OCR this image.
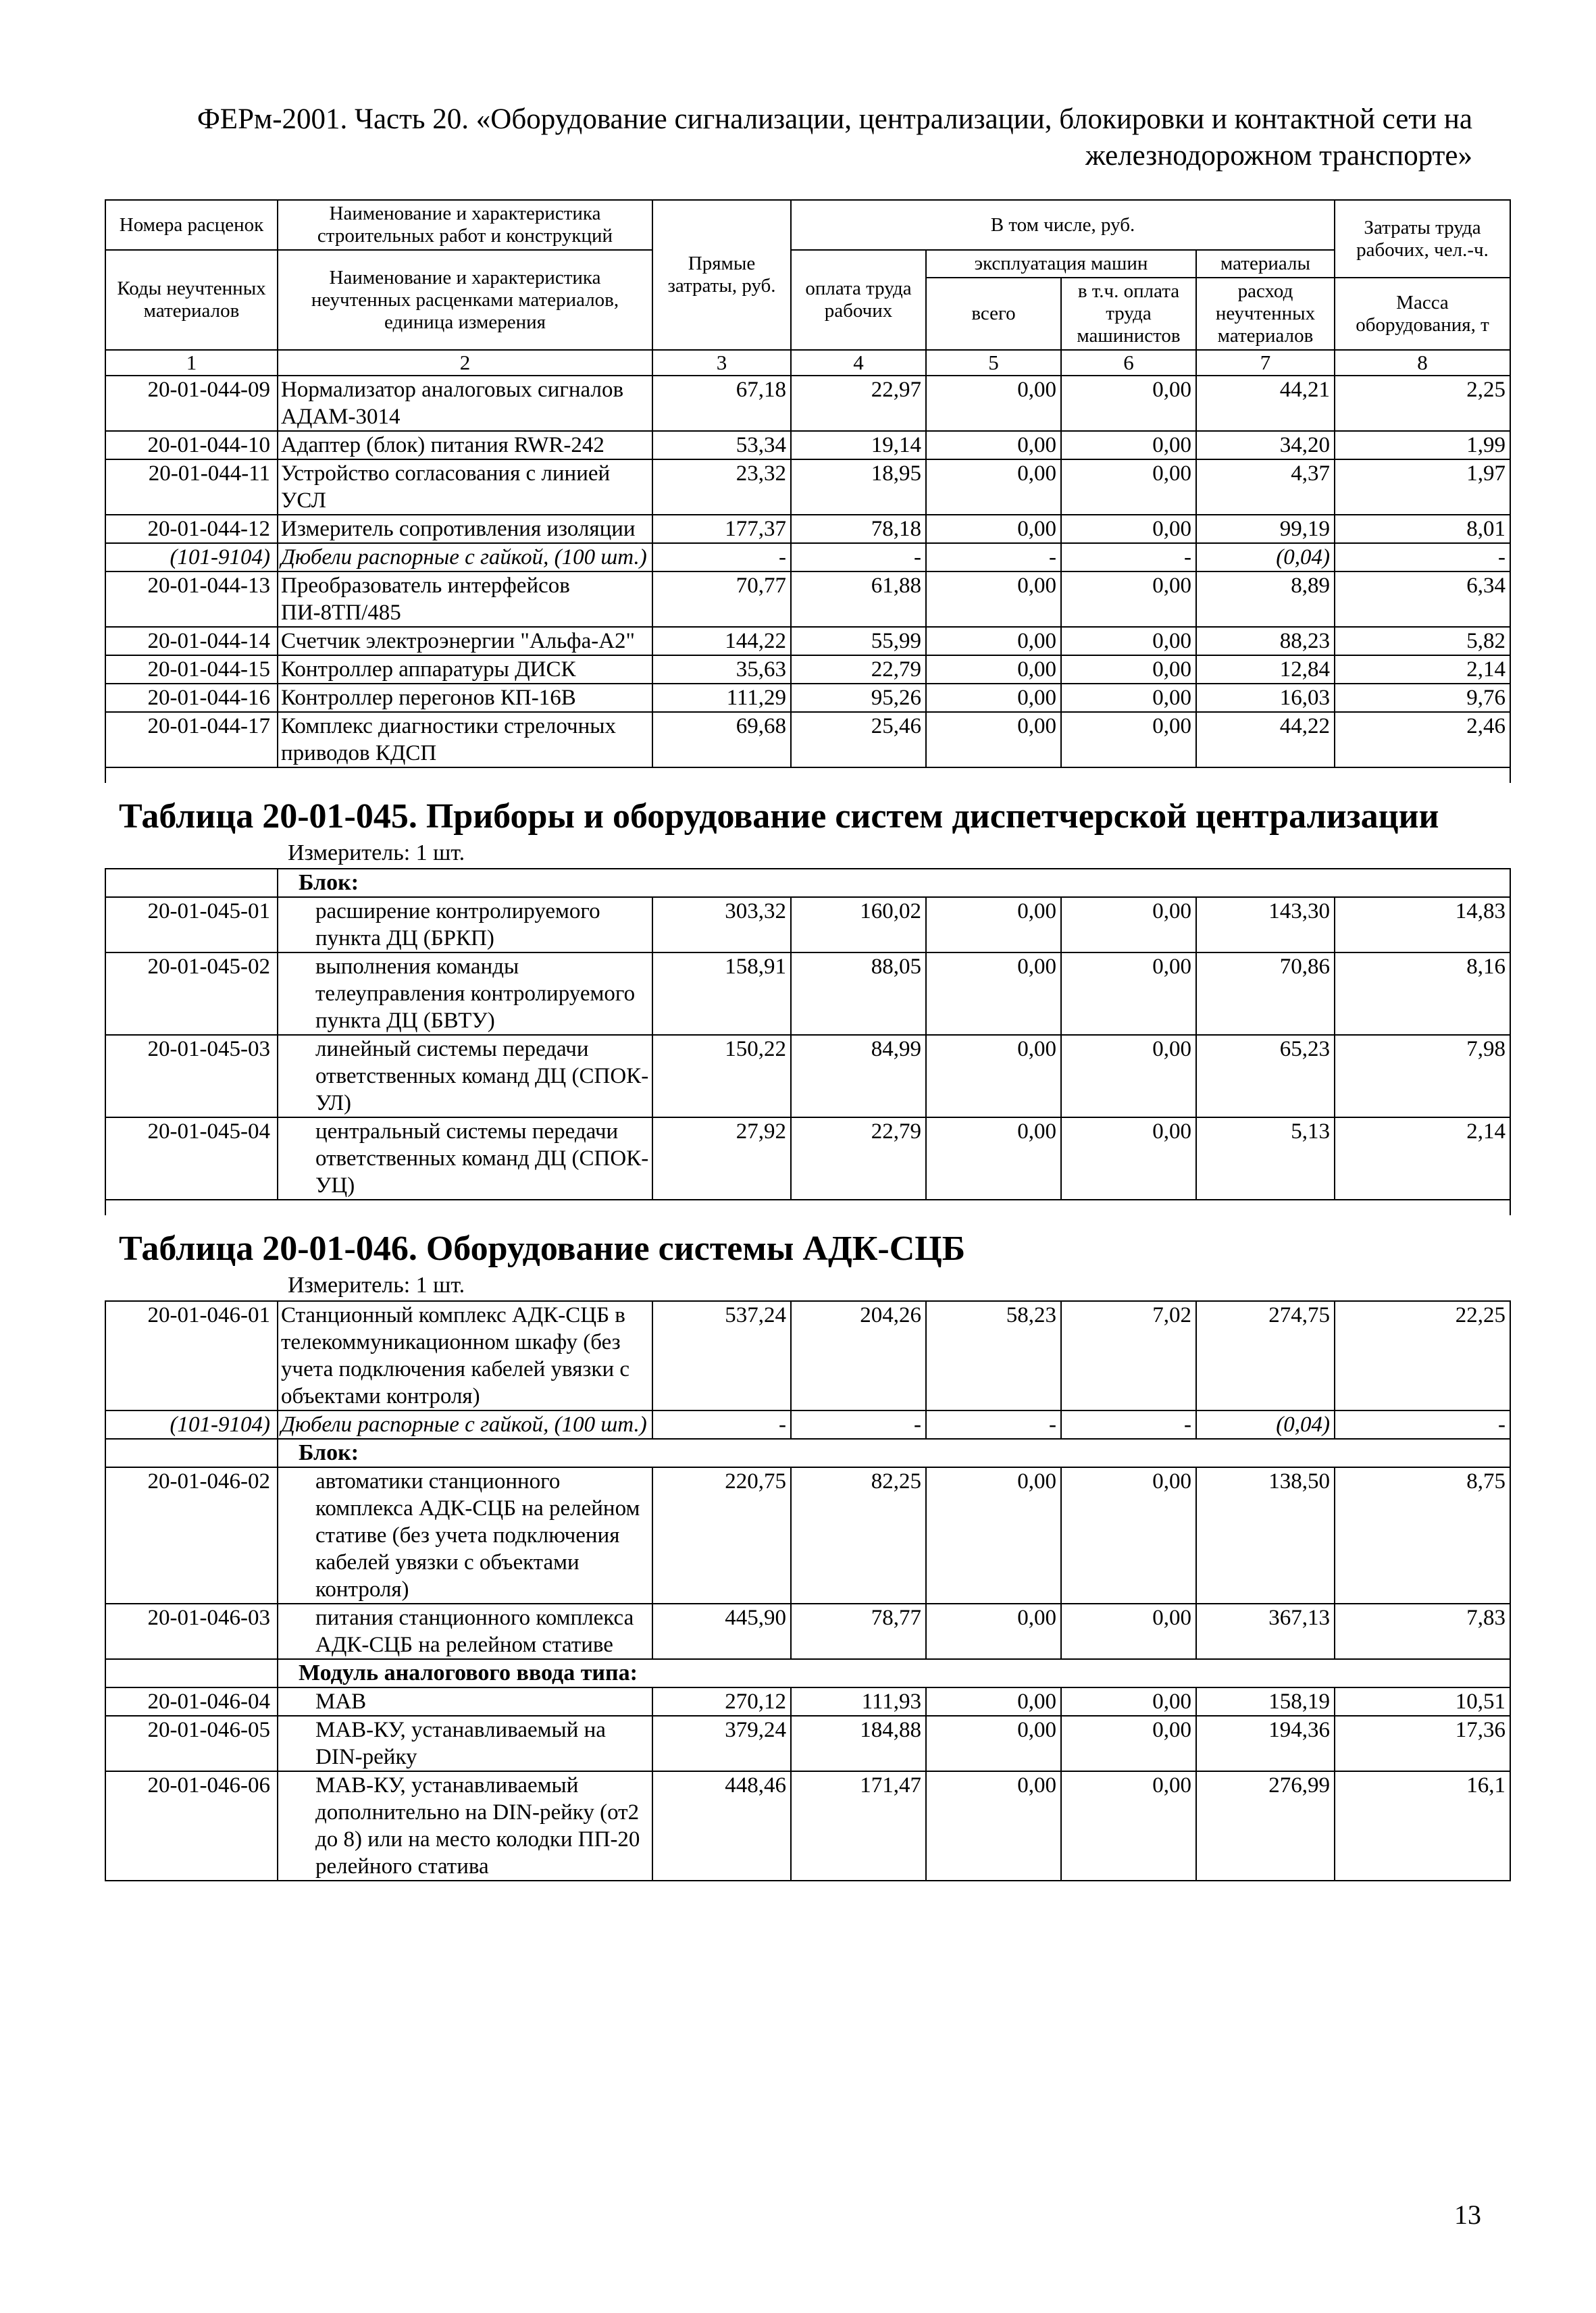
ФЕРм-2001. Часть 20. «Оборудование сигнализации, централизации, блокировки и контактной сети на
железнодорожном транспорте»
Номера расценок	Наименование и характеристика строительных работ и конструкций	Прямые затраты, руб.	В том числе, руб.				Затраты труда рабочих, чел.-ч.
Коды неучтенных материалов	Наименование и характеристика неучтенных расценками материалов, единица измерения		оплата труда рабочих	эксплуатация машин		материалы	
				всего	в т.ч. оплата труда машинистов	расход неучтенных материалов	Масса оборудования, т
1	2	3	4	5	6	7	8
20-01-044-09	Нормализатор аналоговых сигналов АДАМ-3014	67,18	22,97	0,00	0,00	44,21	2,25
20-01-044-10	Адаптер (блок) питания RWR-242	53,34	19,14	0,00	0,00	34,20	1,99
20-01-044-11	Устройство согласования с линией УСЛ	23,32	18,95	0,00	0,00	4,37	1,97
20-01-044-12	Измеритель сопротивления изоляции	177,37	78,18	0,00	0,00	99,19	8,01
(101-9104)	Дюбели распорные с гайкой, (100 шт.)	-	-	-	-	(0,04)	-
20-01-044-13	Преобразователь интерфейсов ПИ-8ТП/485	70,77	61,88	0,00	0,00	8,89	6,34
20-01-044-14	Счетчик электроэнергии "Альфа-А2"	144,22	55,99	0,00	0,00	88,23	5,82
20-01-044-15	Контроллер аппаратуры ДИСК	35,63	22,79	0,00	0,00	12,84	2,14
20-01-044-16	Контроллер перегонов КП-16В	111,29	95,26	0,00	0,00	16,03	9,76
20-01-044-17	Комплекс диагностики стрелочных приводов КДСП	69,68	25,46	0,00	0,00	44,22	2,46

Таблица 20-01-045. Приборы и оборудование систем диспетчерской централизации							
Измеритель: 1 шт.							
	Блок:						
20-01-045-01	расширение контролируемого пункта ДЦ (БРКП)	303,32	160,02	0,00	0,00	143,30	14,83
20-01-045-02	выполнения команды телеуправления контролируемого пункта ДЦ (БВТУ)	158,91	88,05	0,00	0,00	70,86	8,16
20-01-045-03	линейный системы передачи ответственных команд ДЦ (СПОК-УЛ)	150,22	84,99	0,00	0,00	65,23	7,98
20-01-045-04	центральный системы передачи ответственных команд ДЦ (СПОК-УЦ)	27,92	22,79	0,00	0,00	5,13	2,14

Таблица 20-01-046. Оборудование системы АДК-СЦБ							
Измеритель: 1 шт.							
20-01-046-01	Станционный комплекс АДК-СЦБ в телекоммуникационном шкафу (без учета подключения кабелей увязки с объектами контроля)	537,24	204,26	58,23	7,02	274,75	22,25
(101-9104)	Дюбели распорные с гайкой, (100 шт.)	-	-	-	-	(0,04)	-
	Блок:						
20-01-046-02	автоматики станционного комплекса АДК-СЦБ на релейном стативе (без учета подключения кабелей увязки с объектами контроля)	220,75	82,25	0,00	0,00	138,50	8,75
20-01-046-03	питания станционного комплекса АДК-СЦБ на релейном стативе	445,90	78,77	0,00	0,00	367,13	7,83
	Модуль аналогового ввода типа:						
20-01-046-04	МАВ	270,12	111,93	0,00	0,00	158,19	10,51
20-01-046-05	МАВ-КУ, устанавливаемый на DIN-рейку	379,24	184,88	0,00	0,00	194,36	17,36
20-01-046-06	МАВ-КУ, устанавливаемый дополнительно на DIN-рейку (от2 до 8) или на место колодки ПП-20 релейного статива	448,46	171,47	0,00	0,00	276,99	16,1
13
